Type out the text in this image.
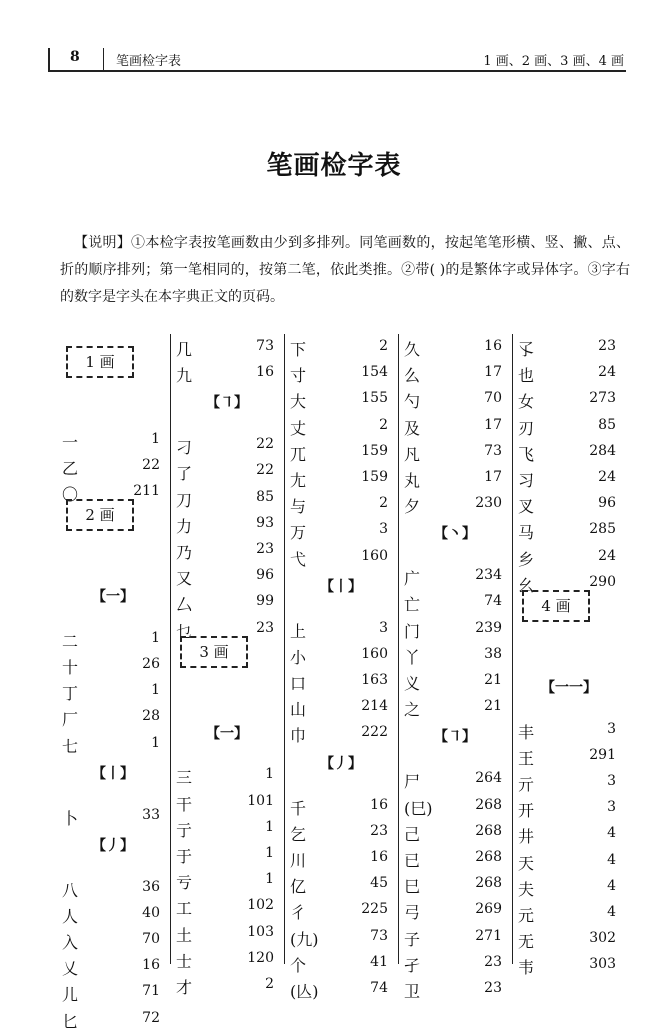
8	笔画检字表	1 画、2 画、3 画、4 画
笔画检字表
【说明】①本检字表按笔画数由少到多排列。同笔画数的，按起笔笔形横、竖、撇、点、折的顺序排列；第一笔相同的，按第二笔，依此类推。②带( )的是繁体字或异体字。③字右的数字是字头在本字典正文的页码。
1 画
一	1
乙	22
〇	211
2 画
【一】
二	1
十	26
丁	1
厂	28
七	1
【丨】
卜	33
【丿】
八	36
人	40
入	70
乂	16
儿	71
匕	72
几	73
九	16
【㇕】
刁	22
了	22
刀	85
力	93
乃	23
又	96
厶	99
乜	23
3 画
【一】
三	1
干	101
亍	1
于	1
亏	1
工	102
土	103
士	120
才	2
下	2
寸	154
大	155
丈	2
兀	159
尢	159
与	2
万	3
弋	160
【丨】
上	3
小	160
口	163
山	214
巾	222
【丿】
千	16
乞	23
川	16
亿	45
彳	225
(九)	73
个	41
(亾)	74
久	16
么	17
勺	70
及	17
凡	73
丸	17
夕	230
【丶】
广	234
亡	74
门	239
丫	38
义	21
之	21
【㇕】
尸	264
(巳)	268
己	268
已	268
巳	268
弓	269
子	271
孑	23
卫	23
孓	23
也	24
女	273
刃	85
飞	284
习	24
叉	96
马	285
乡	24
幺	290
4 画
【一一】
丰	3
王	291
亓	3
开	3
井	4
天	4
夫	4
元	4
无	302
韦	303
